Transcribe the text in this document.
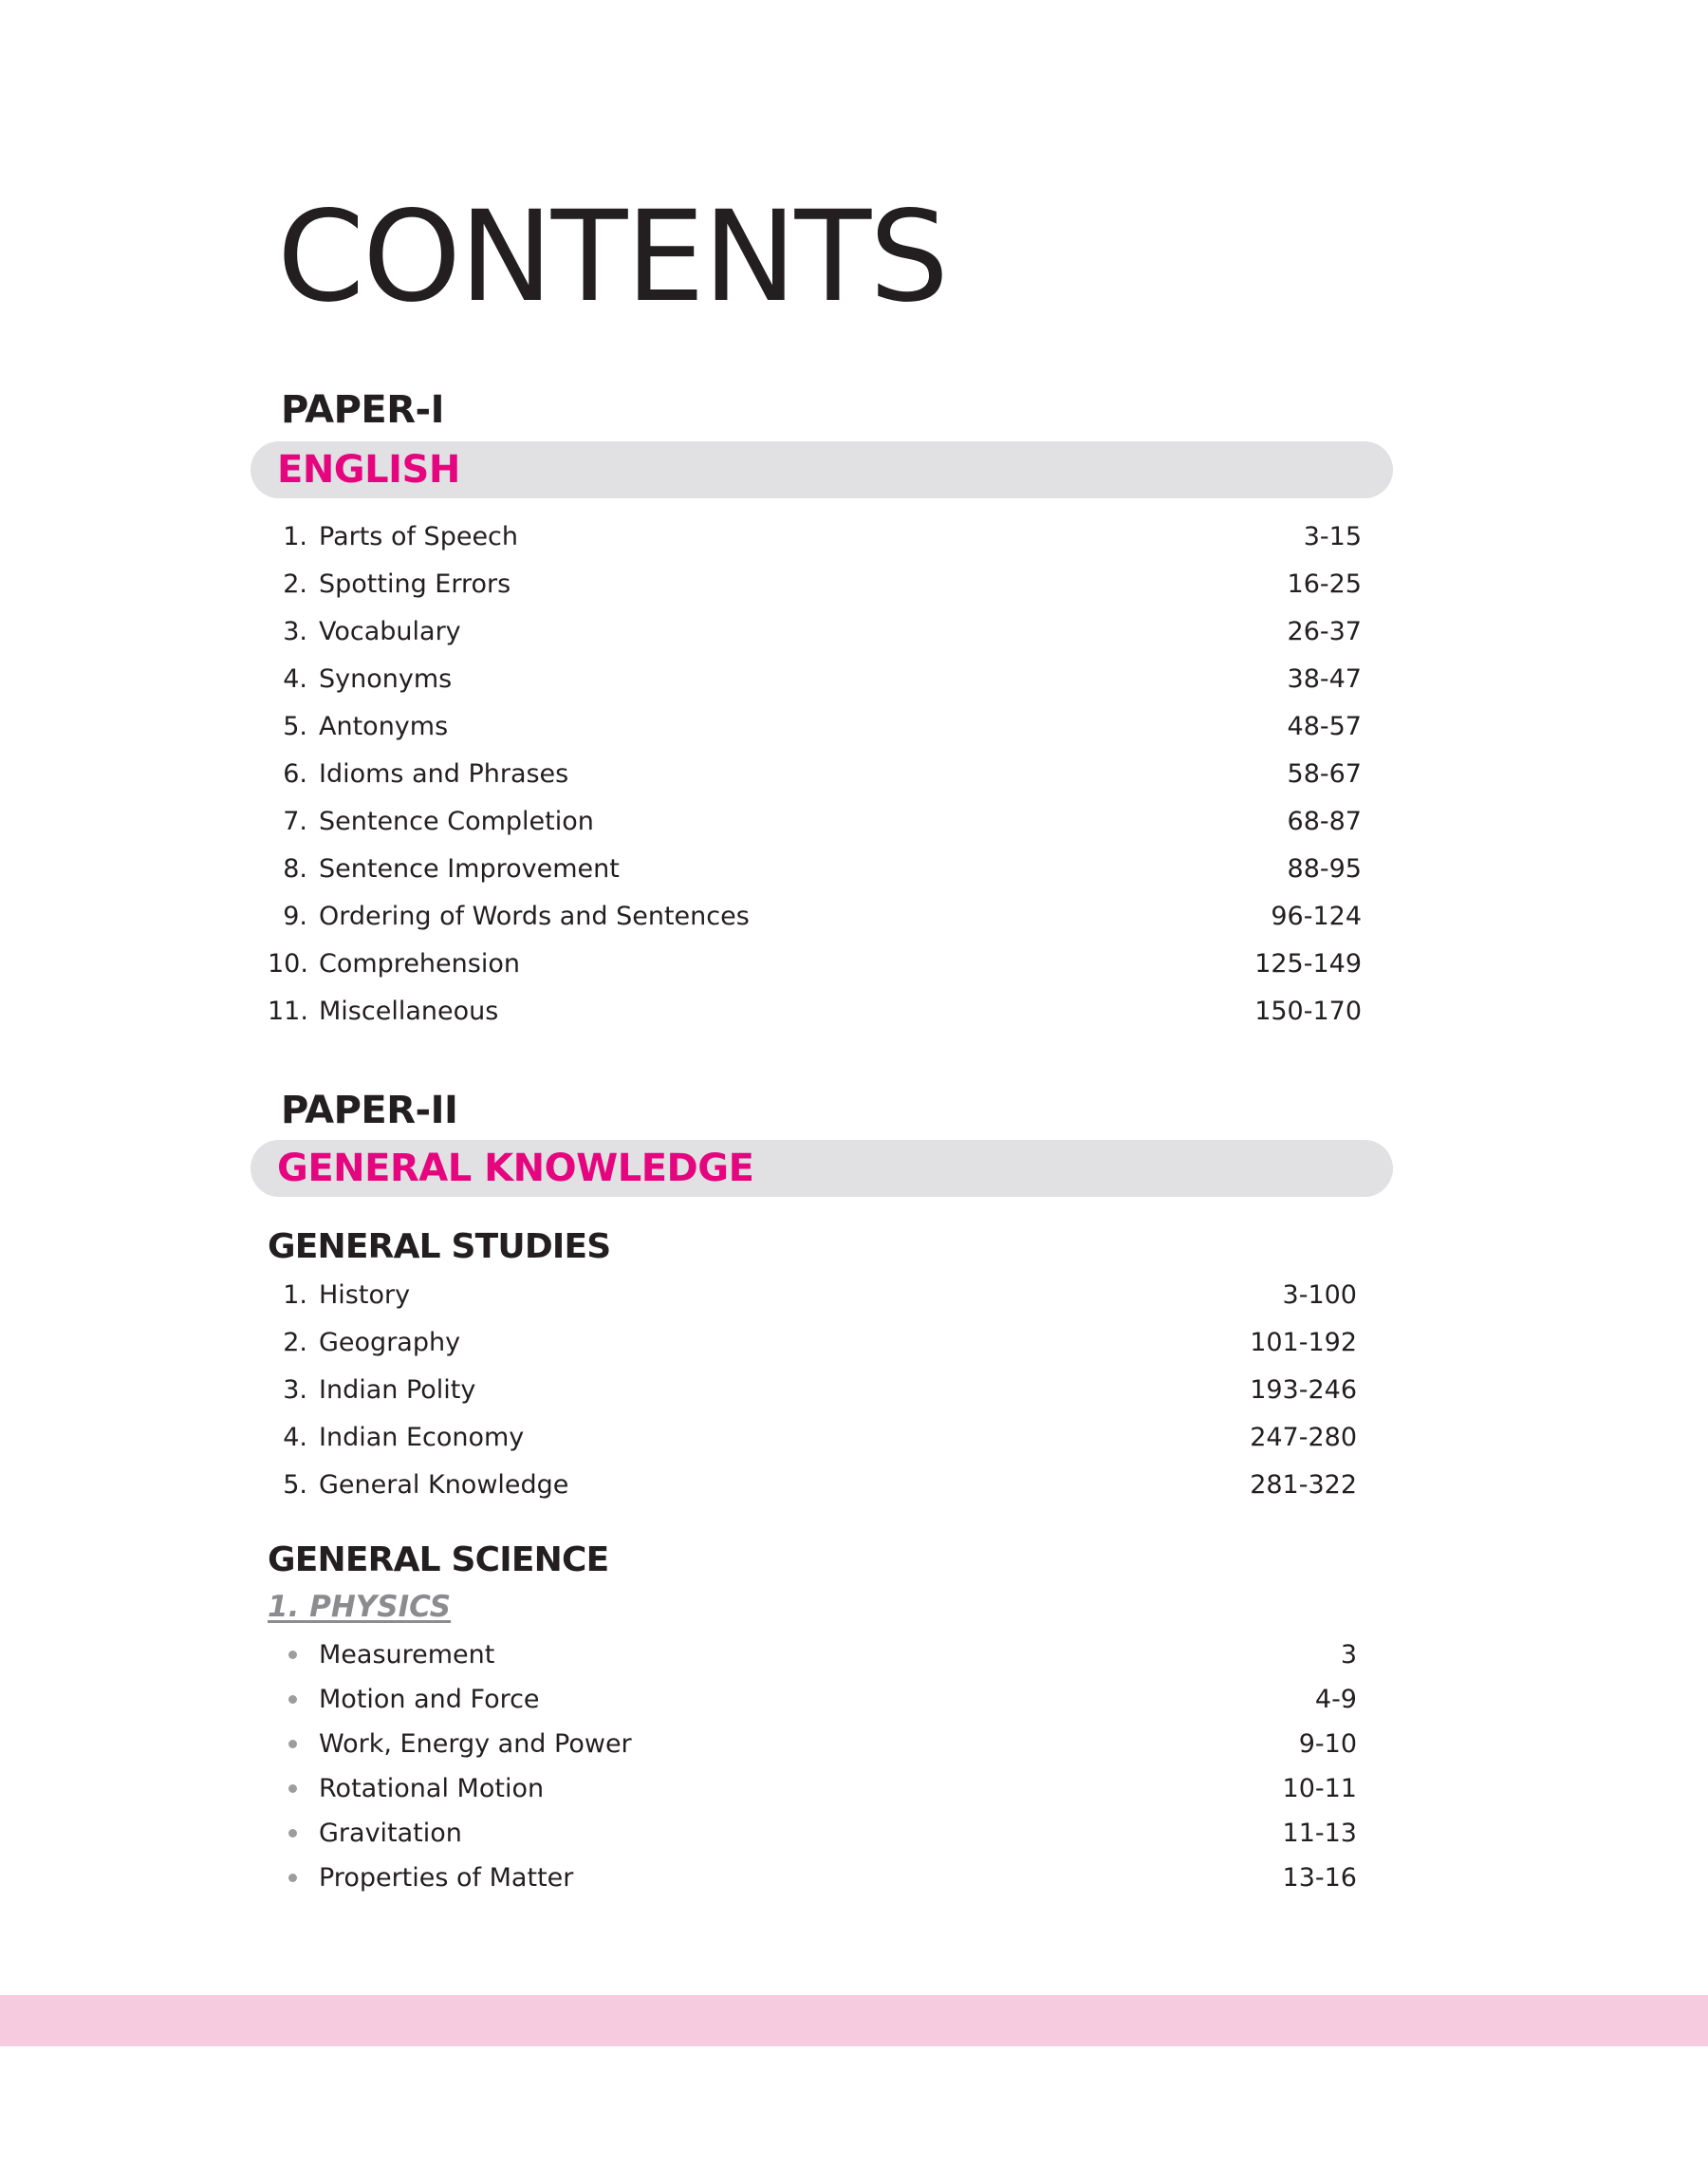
CONTENTS
PAPER-I
ENGLISH
1. Parts of Speech	3-15
2. Spotting Errors	16-25
3. Vocabulary	26-37
4. Synonyms	38-47
5. Antonyms	48-57
6. Idioms and Phrases	58-67
7. Sentence Completion	68-87
8. Sentence Improvement	88-95
9. Ordering of Words and Sentences	96-124
10. Comprehension	125-149
11. Miscellaneous	150-170
PAPER-II
GENERAL KNOWLEDGE
GENERAL STUDIES
1. History	3-100
2. Geography	101-192
3. Indian Polity	193-246
4. Indian Economy	247-280
5. General Knowledge	281-322
GENERAL SCIENCE
1. PHYSICS
Measurement	3
Motion and Force	4-9
Work, Energy and Power	9-10
Rotational Motion	10-11
Gravitation	11-13
Properties of Matter	13-16
